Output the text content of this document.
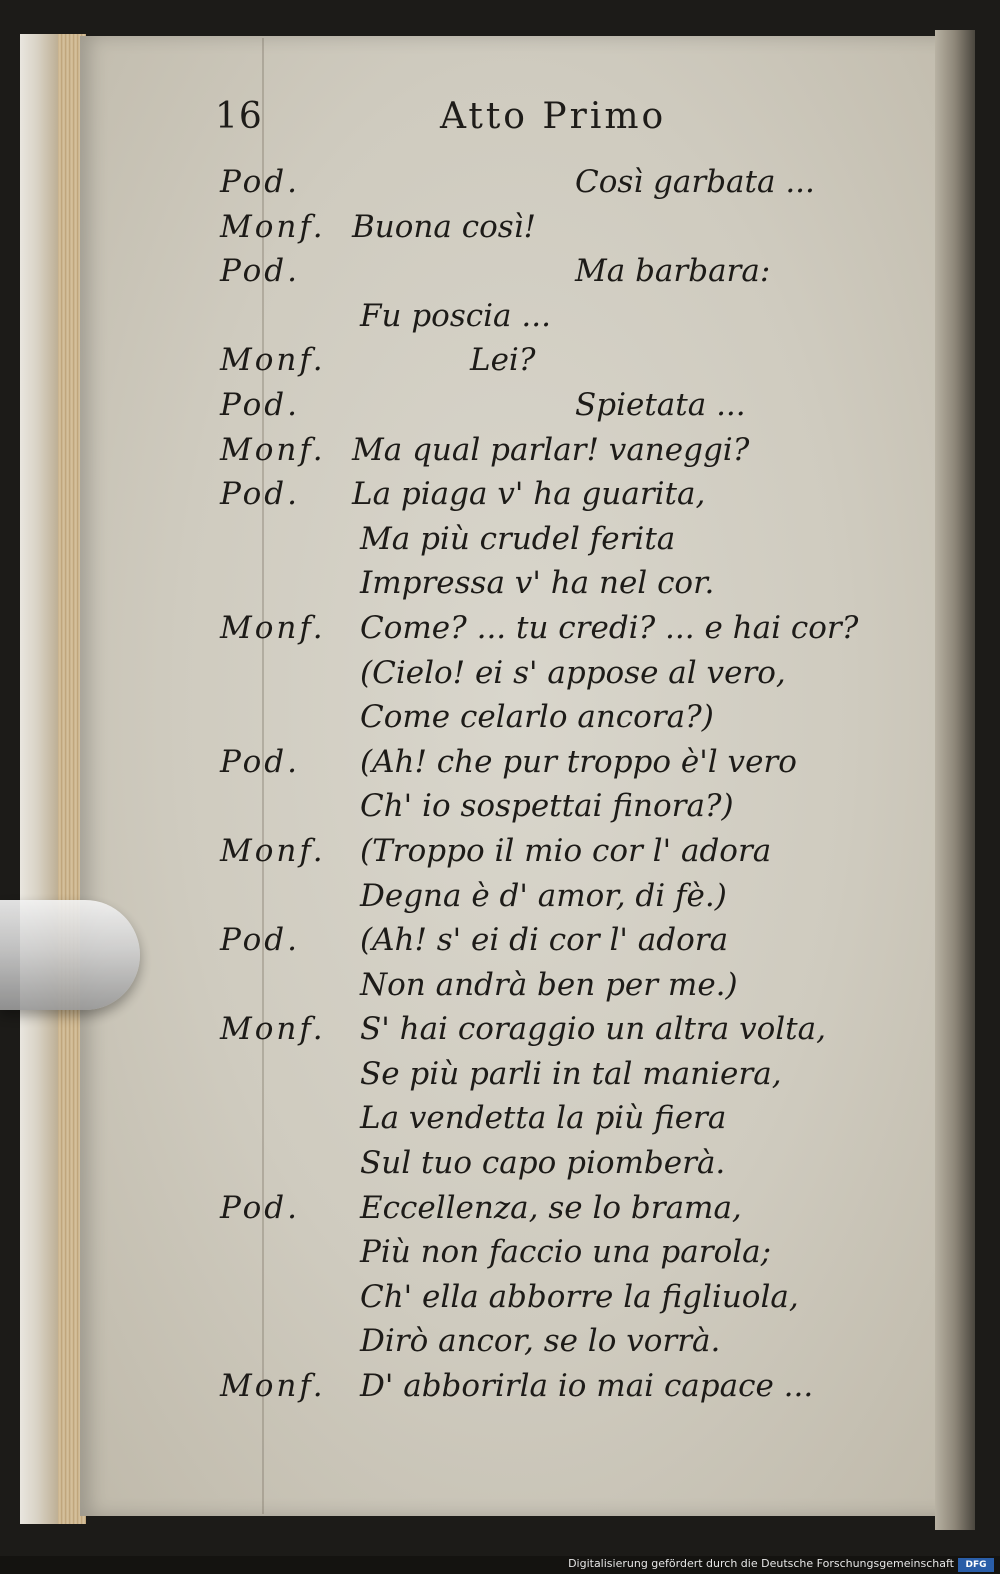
16	Atto Primo
Pod.	Così garbata ...
Monf. Buona così!
Pod.	Ma barbara:
Fu poscia ...
Monf.	Lei?
Pod.	Spietata ...
Monf. Ma qual parlar! vaneggi?
Pod. La piaga v' ha guarita,
Ma più crudel ferita
Impressa v' ha nel cor.
Monf. Come? ... tu credi? ... e hai cor?
(Cielo! ei s' appose al vero,
Come celarlo ancora?)
Pod. (Ah! che pur troppo è'l vero
Ch' io sospettai finora?)
Monf. (Troppo il mio cor l' adora
Degna è d' amor, di fè.)
Pod. (Ah! s' ei di cor l' adora
Non andrà ben per me.)
Monf. S' hai coraggio un altra volta,
Se più parli in tal maniera,
La vendetta la più fiera
Sul tuo capo piomberà.
Pod. Eccellenza, se lo brama,
Più non faccio una parola;
Ch' ella abborre la figliuola,
Dirò ancor, se lo vorrà.
Monf. D' abborirla io mai capace ...
Digitalisierung gefördert durch die Deutsche Forschungsgemeinschaft	DFG
